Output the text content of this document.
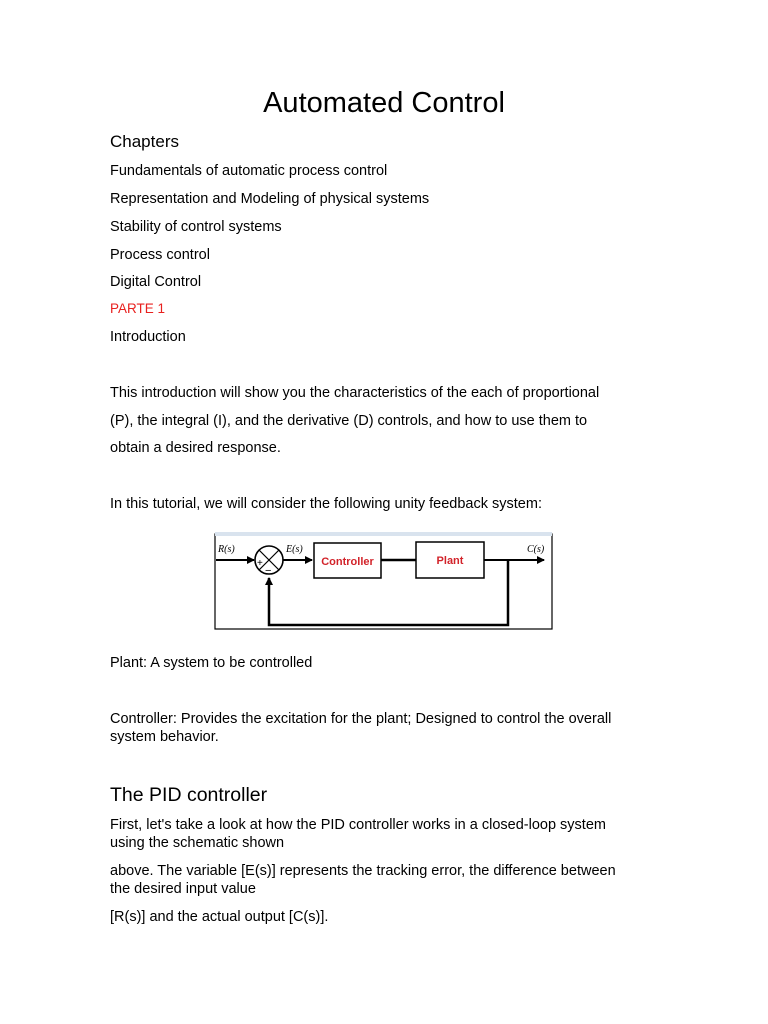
Automated Control
Chapters
Fundamentals of automatic process control
Representation and Modeling of physical systems
Stability of control systems
Process control
Digital Control
PARTE 1
Introduction
This introduction will show you the characteristics of the each of proportional
(P), the integral (I), and the derivative (D) controls, and how to use them to
obtain a desired response.
In this tutorial, we will consider the following unity feedback system:
+
−
Controller	Plant
R(s)	E(s)	C(s)
Plant: A system to be controlled
Controller: Provides the excitation for the plant; Designed to control the overall
system behavior.
The PID controller
First, let's take a look at how the PID controller works in a closed-loop system
using the schematic shown
above. The variable [E(s)] represents the tracking error, the difference between
the desired input value
[R(s)] and the actual output [C(s)].
